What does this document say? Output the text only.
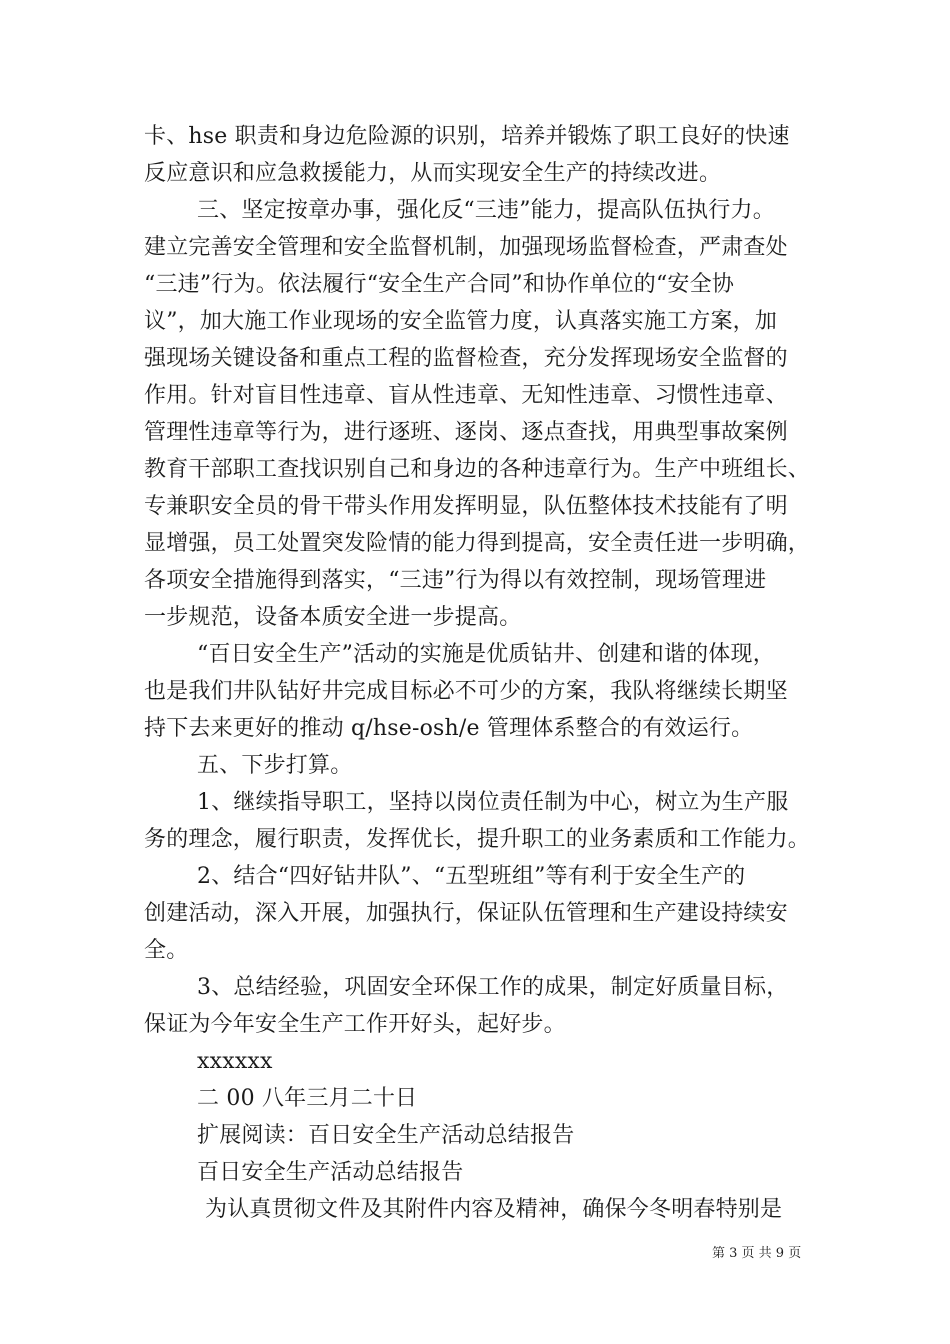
卡、hse 职责和身边危险源的识别，培养并锻炼了职工良好的快速
反应意识和应急救援能力，从而实现安全生产的持续改进。
三、坚定按章办事，强化反“三违”能力，提高队伍执行力。
建立完善安全管理和安全监督机制，加强现场监督检查，严肃查处
“三违”行为。依法履行“安全生产合同”和协作单位的“安全协
议”，加大施工作业现场的安全监管力度，认真落实施工方案，加
强现场关键设备和重点工程的监督检查，充分发挥现场安全监督的
作用。针对盲目性违章、盲从性违章、无知性违章、习惯性违章、
管理性违章等行为，进行逐班、逐岗、逐点查找，用典型事故案例
教育干部职工查找识别自己和身边的各种违章行为。生产中班组长、
专兼职安全员的骨干带头作用发挥明显，队伍整体技术技能有了明
显增强，员工处置突发险情的能力得到提高，安全责任进一步明确，
各项安全措施得到落实，“三违”行为得以有效控制，现场管理进
一步规范，设备本质安全进一步提高。
“百日安全生产”活动的实施是优质钻井、创建和谐的体现，
也是我们井队钻好井完成目标必不可少的方案，我队将继续长期坚
持下去来更好的推动 q/hse-osh/e 管理体系整合的有效运行。
五、下步打算。
1、继续指导职工，坚持以岗位责任制为中心，树立为生产服
务的理念，履行职责，发挥优长，提升职工的业务素质和工作能力。
2、结合“四好钻井队”、“五型班组”等有利于安全生产的
创建活动，深入开展，加强执行，保证队伍管理和生产建设持续安
全。
3、总结经验，巩固安全环保工作的成果，制定好质量目标，
保证为今年安全生产工作开好头，起好步。
xxxxxx
二 00 八年三月二十日
扩展阅读：百日安全生产活动总结报告
百日安全生产活动总结报告
为认真贯彻文件及其附件内容及精神，确保今冬明春特别是
第 3 页 共 9 页
